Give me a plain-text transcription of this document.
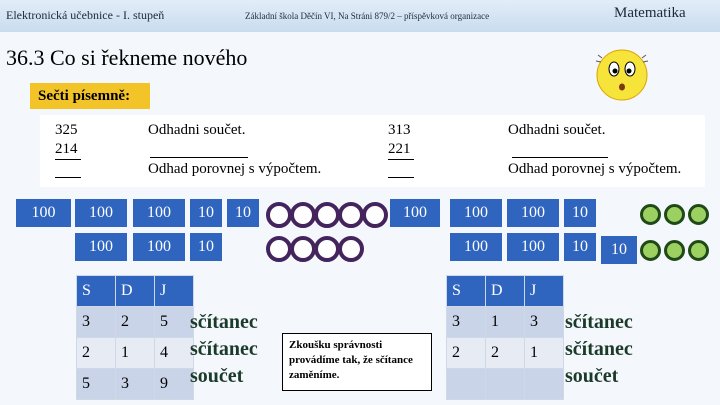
Elektronická učebnice - I. stupeň	Základní škola Děčín VI, Na Stráni 879/2 – příspěvková organizace	Matematika
36.3 Co si řekneme nového
Sečti písemně:
325
214
Odhadni součet.
Odhad porovnej s výpočtem.
313
221
Odhadni součet.
Odhad porovnej s výpočtem.
100	100	100	10	10
100	100	10
100	100	100	10
100	100	10	10
S	D	J
3	2	5
2	1	4
5	3	9
sčítanec
sčítanec
součet
Zkoušku správnosti provádíme tak, že sčítance zaměníme.
S	D	J
3	1	3
2	2	1

sčítanec
sčítanec
součet
